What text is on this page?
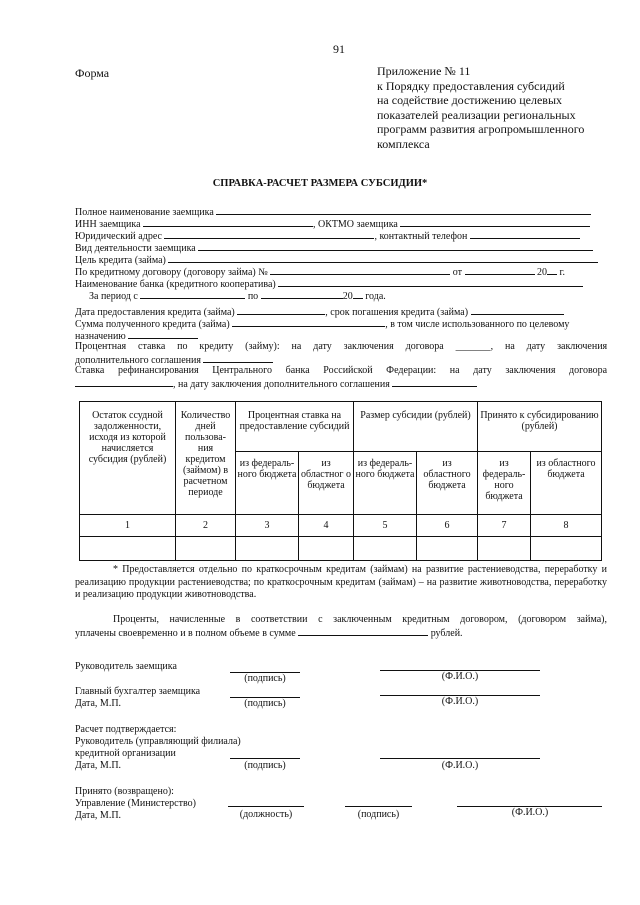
91
Форма	Приложение № 11
к Порядку предоставления субсидий
на содействие достижению целевых
показателей реализации региональных
программ развития агропромышленного
комплекса
СПРАВКА-РАСЧЕТ РАЗМЕРА СУБСИДИИ*
Полное наименование заемщика
ИНН заемщика	, ОКТМО заемщика
Юридический адрес	, контактный телефон
Вид деятельности заемщика
Цель кредита (займа)
По кредитному договору (договору займа) №	от	20 г.
Наименование банка (кредитного кооператива)
За период с	по	20 года.
Дата предоставления кредита (займа)	, срок погашения кредита (займа)
Сумма полученного кредита (займа)	, в том числе использованного по целевому
назначению
Процентная ставка по кредиту (займу): на дату заключения договора _______, на дату заключения
дополнительного соглашения
Ставка рефинансирования Центрального банка Российской Федерации: на дату заключения договора
, на дату заключения дополнительного соглашения
Остаток ссудной задолженности, исходя из которой начисляется субсидия (рублей)	Количество дней пользова- ния кредитом (займом) в расчетном периоде	Процентная ставка на предоставление субсидий		Размер субсидии (рублей)		Принято к субсидированию (рублей)	
		из федераль- ного бюджета	из областног о бюджета	из федераль- ного бюджета	из областного бюджета	из федераль- ного бюджета	из областного бюджета
1	2	3	4	5	6	7	8

* Предоставляется отдельно по краткосрочным кредитам (займам) на развитие растениеводства, переработку и реализацию продукции растениеводства; по краткосрочным кредитам (займам) – на развитие животноводства, переработку и реализацию продукции животноводства.
Проценты, начисленные в соответствии с заключенным кредитным договором, (договором займа),
уплачены своевременно и в полном объеме в сумме	рублей.
Руководитель заемщика
(подпись)	(Ф.И.О.)
Главный бухгалтер заемщика
Дата, М.П.	(подпись)	(Ф.И.О.)
Расчет подтверждается:
Руководитель (управляющий филиала)
кредитной организации
Дата, М.П.	(подпись)	(Ф.И.О.)
Принято (возвращено):
Управление (Министерство)
Дата, М.П.	(должность)	(подпись)	(Ф.И.О.)
